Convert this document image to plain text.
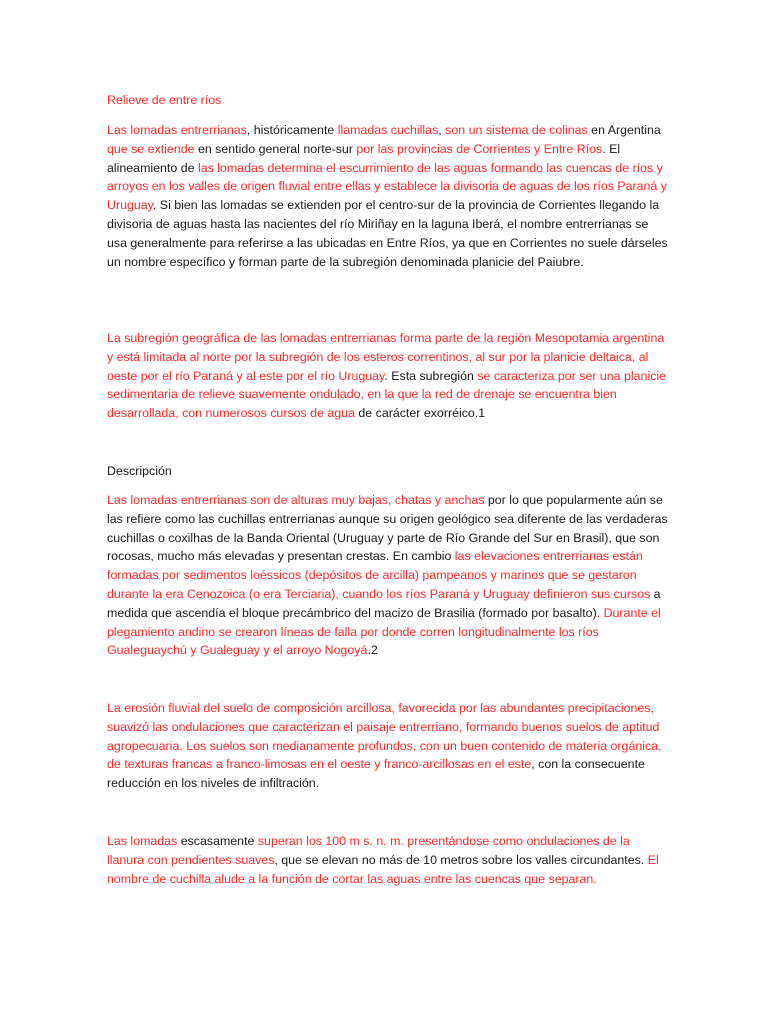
Relieve de entre ríos

Las lomadas entrerrianas, históricamente llamadas cuchillas, son un sistema de colinas en Argentina que se extiende en sentido general norte-sur por las provincias de Corrientes y Entre Ríos. El alineamiento de las lomadas determina el escurrimiento de las aguas formando las cuencas de ríos y arroyos en los valles de origen fluvial entre ellas y establece la divisoria de aguas de los ríos Paraná y Uruguay. Si bien las lomadas se extienden por el centro-sur de la provincia de Corrientes llegando la divisoria de aguas hasta las nacientes del río Miriñay en la laguna Iberá, el nombre entrerrianas se usa generalmente para referirse a las ubicadas en Entre Ríos, ya que en Corrientes no suele dárseles un nombre específico y forman parte de la subregión denominada planicie del Paiubre.

La subregión geográfica de las lomadas entrerrianas forma parte de la región Mesopotamia argentina y está limitada al norte por la subregión de los esteros correntinos, al sur por la planicie deltaica, al oeste por el río Paraná y al este por el río Uruguay. Esta subregión se caracteriza por ser una planicie sedimentaria de relieve suavemente ondulado, en la que la red de drenaje se encuentra bien desarrollada, con numerosos cursos de agua de carácter exorréico.1

Descripción

Las lomadas entrerrianas son de alturas muy bajas, chatas y anchas por lo que popularmente aún se las refiere como las cuchillas entrerrianas aunque su origen geológico sea diferente de las verdaderas cuchillas o coxilhas de la Banda Oriental (Uruguay y parte de Río Grande del Sur en Brasil), que son rocosas, mucho más elevadas y presentan crestas. En cambio las elevaciones entrerrianas están formadas por sedimentos loéssicos (depósitos de arcilla) pampeanos y marinos que se gestaron durante la era Cenozoica (o era Terciaria), cuando los ríos Paraná y Uruguay definieron sus cursos a medida que ascendía el bloque precámbrico del macizo de Brasilia (formado por basalto). Durante el plegamiento andino se crearon líneas de falla por donde corren longitudinalmente los ríos Gualeguaychú y Gualeguay y el arroyo Nogoyá.2

La erosión fluvial del suelo de composición arcillosa, favorecida por las abundantes precipitaciones, suavizó las ondulaciones que caracterizan el paisaje entrerriano, formando buenos suelos de aptitud agropecuaria. Los suelos son medianamente profundos, con un buen contenido de materia orgánica, de texturas francas a franco-limosas en el oeste y franco-arcillosas en el este, con la consecuente reducción en los niveles de infiltración.

Las lomadas escasamente superan los 100 m s. n. m. presentándose como ondulaciones de la llanura con pendientes suaves, que se elevan no más de 10 metros sobre los valles circundantes. El nombre de cuchilla alude a la función de cortar las aguas entre las cuencas que separan.
